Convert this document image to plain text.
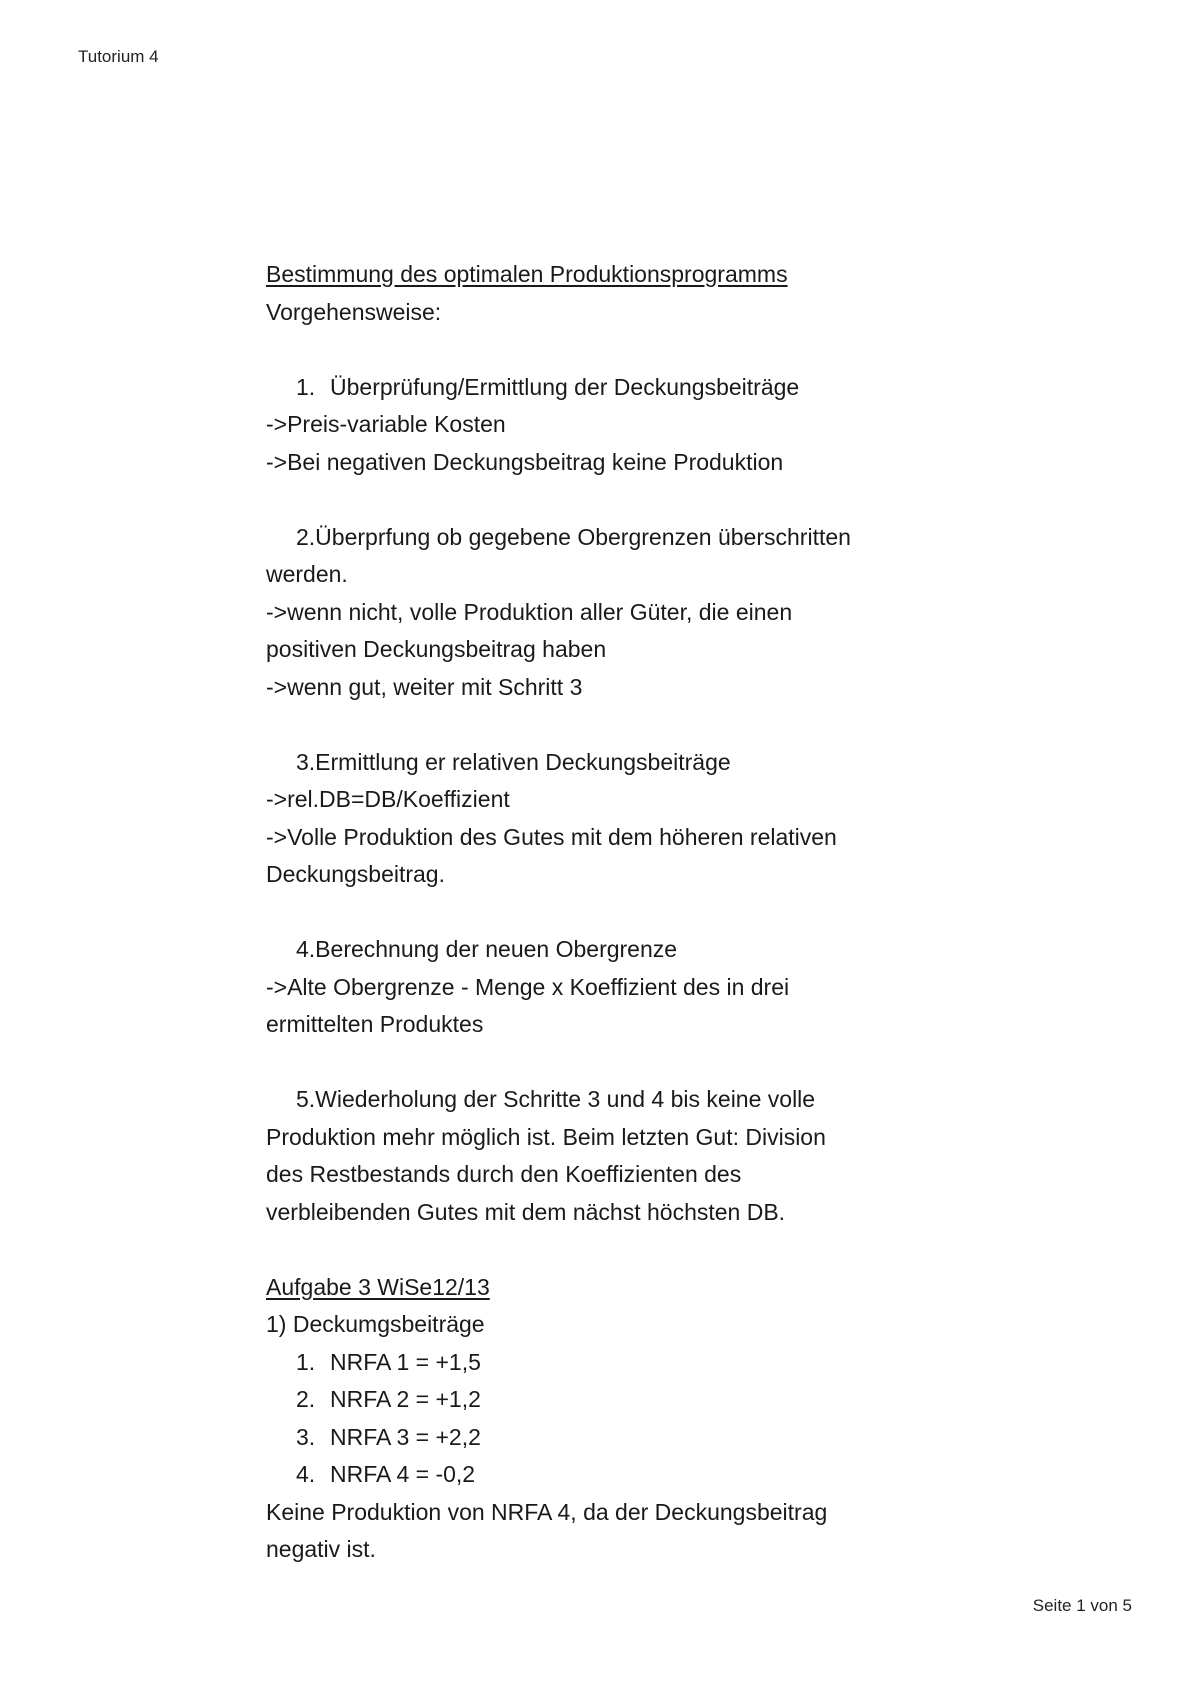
Tutorium 4
Bestimmung des optimalen Produktionsprogramms
Vorgehensweise:
1. Überprüfung/Ermittlung der Deckungsbeiträge
->Preis-variable Kosten
->Bei negativen Deckungsbeitrag keine Produktion
2.Überprfung ob gegebene Obergrenzen überschritten
werden.
->wenn nicht, volle Produktion aller Güter, die einen
positiven Deckungsbeitrag haben
->wenn gut, weiter mit Schritt 3
3.Ermittlung er relativen Deckungsbeiträge
->rel.DB=DB/Koeffizient
->Volle Produktion des Gutes mit dem höheren relativen
Deckungsbeitrag.
4.Berechnung der neuen Obergrenze
->Alte Obergrenze - Menge x Koeffizient des in drei
ermittelten Produktes
5.Wiederholung der Schritte 3 und 4 bis keine volle
Produktion mehr möglich ist. Beim letzten Gut: Division
des Restbestands durch den Koeffizienten des
verbleibenden Gutes mit dem nächst höchsten DB.
Aufgabe 3 WiSe12/13
1) Deckumgsbeiträge
1. NRFA 1 = +1,5
2. NRFA 2 = +1,2
3. NRFA 3 = +2,2
4. NRFA 4 = -0,2
Keine Produktion von NRFA 4, da der Deckungsbeitrag
negativ ist.
Seite 1 von 5
